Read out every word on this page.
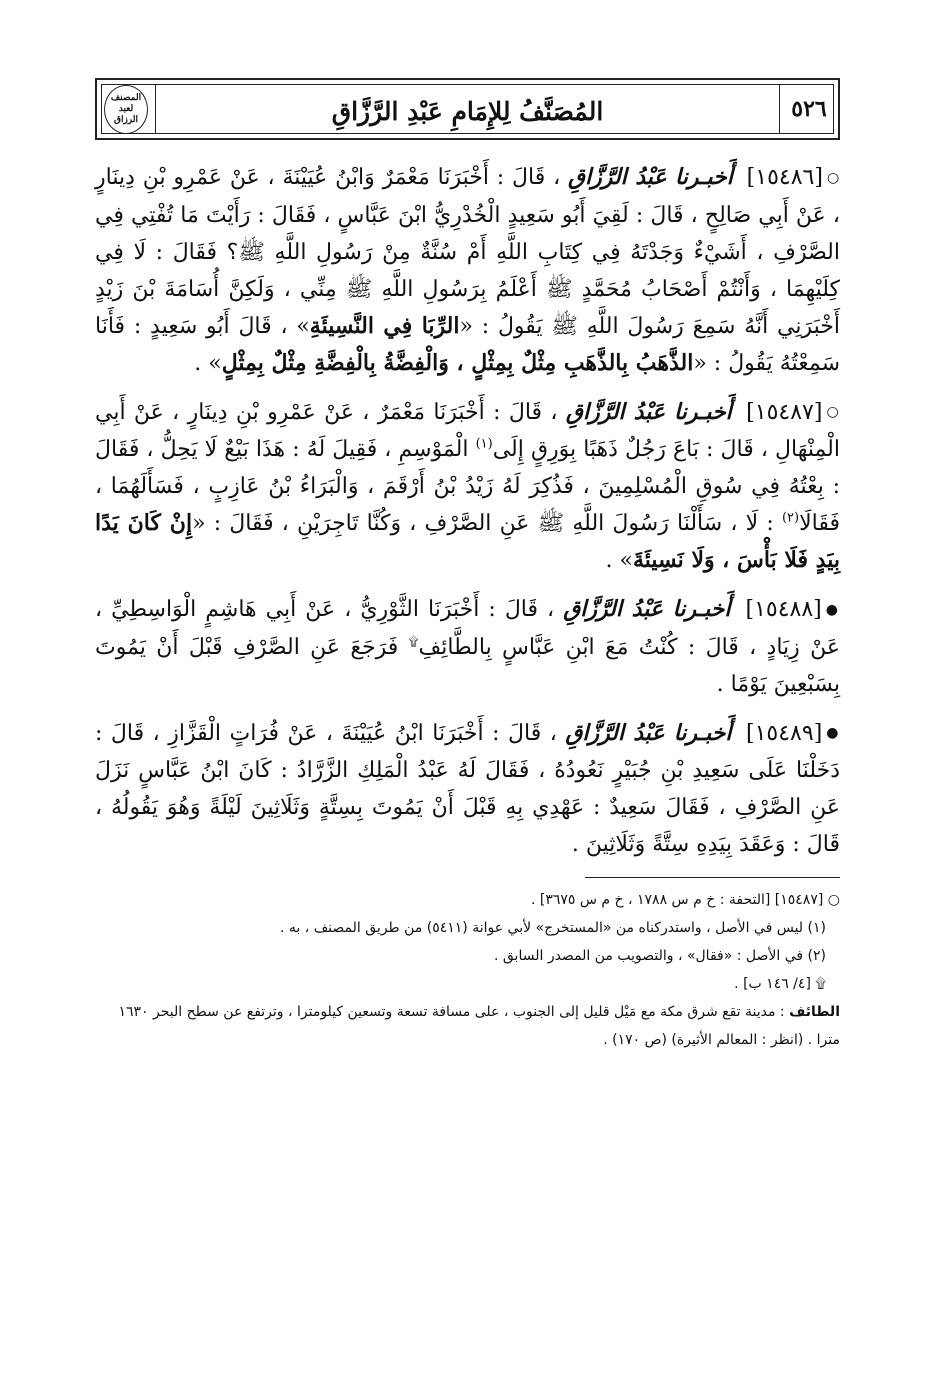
٥٢٦
المُصَنَّفُ لِلإِمَامِ عَبْدِ الرَّزَّاقِ
المصنف لعبد الرزاق

○[١٥٤٨٦] أَخبـرنا عَبْدُ الرَّزَّاقِ ، قَالَ : أَخْبَرَنَا مَعْمَرٌ وَابْنُ عُيَيْنَةَ ، عَنْ عَمْرِو بْنِ دِينَارٍ ، عَنْ أَبِي صَالِحٍ ، قَالَ : لَقِيَ أَبُو سَعِيدٍ الْخُدْرِيُّ ابْنَ عَبَّاسٍ ، فَقَالَ : رَأَيْتَ مَا تُفْتِي فِي الصَّرْفِ ، أَشَيْءٌ وَجَدْتَهُ فِي كِتَابِ اللَّهِ أَمْ سُنَّةٌ مِنْ رَسُولِ اللَّهِ ﷺ؟ فَقَالَ : لَا فِي كِلَيْهِمَا ، وَأَنْتُمْ أَصْحَابُ مُحَمَّدٍ ﷺ أَعْلَمُ بِرَسُولِ اللَّهِ ﷺ مِنِّي ، وَلَكِنَّ أُسَامَةَ بْنَ زَيْدٍ أَخْبَرَنِي أَنَّهُ سَمِعَ رَسُولَ اللَّهِ ﷺ يَقُولُ : «الرِّبَا فِي النَّسِيئَةِ» ، قَالَ أَبُو سَعِيدٍ : فَأَنَا سَمِعْتُهُ يَقُولُ : «الذَّهَبُ بِالذَّهَبِ مِثْلٌ بِمِثْلٍ ، وَالْفِضَّةُ بِالْفِضَّةِ مِثْلٌ بِمِثْلٍ» .

○[١٥٤٨٧] أَخبـرنا عَبْدُ الرَّزَّاقِ ، قَالَ : أَخْبَرَنَا مَعْمَرٌ ، عَنْ عَمْرِو بْنِ دِينَارٍ ، عَنْ أَبِي الْمِنْهَالِ ، قَالَ : بَاعَ رَجُلٌ ذَهَبًا بِوَرِقٍ إِلَى$^{(١)}$ الْمَوْسِمِ ، فَقِيلَ لَهُ : هَذَا بَيْعٌ لَا يَحِلُّ ، فَقَالَ : بِعْتُهُ فِي سُوقِ الْمُسْلِمِينَ ، فَذُكِرَ لَهُ زَيْدُ بْنُ أَرْقَمَ ، وَالْبَرَاءُ بْنُ عَازِبٍ ، فَسَأَلَهُمَا ، فَقَالَا$^{(٢)}$ : لَا ، سَأَلْنَا رَسُولَ اللَّهِ ﷺ عَنِ الصَّرْفِ ، وَكُنَّا تَاجِرَيْنِ ، فَقَالَ : «إِنْ كَانَ يَدًا بِيَدٍ فَلَا بَأْسَ ، وَلَا نَسِيئَةَ» .

●[١٥٤٨٨] أَخبـرنا عَبْدُ الرَّزَّاقِ ، قَالَ : أَخْبَرَنَا الثَّوْرِيُّ ، عَنْ أَبِي هَاشِمٍ الْوَاسِطِيِّ ، عَنْ زِيَادٍ ، قَالَ : كُنْتُ مَعَ ابْنِ عَبَّاسٍ بِالطَّائِفِ۩ فَرَجَعَ عَنِ الصَّرْفِ قَبْلَ أَنْ يَمُوتَ بِسَبْعِينَ يَوْمًا .

●[١٥٤٨٩] أَخبـرنا عَبْدُ الرَّزَّاقِ ، قَالَ : أَخْبَرَنَا ابْنُ عُيَيْنَةَ ، عَنْ فُرَاتٍ الْقَزَّازِ ، قَالَ : دَخَلْنَا عَلَى سَعِيدِ بْنِ جُبَيْرٍ نَعُودُهُ ، فَقَالَ لَهُ عَبْدُ الْمَلِكِ الزَّرَّادُ : كَانَ ابْنُ عَبَّاسٍ نَزَلَ عَنِ الصَّرْفِ ، فَقَالَ سَعِيدٌ : عَهْدِي بِهِ قَبْلَ أَنْ يَمُوتَ بِسِتَّةٍ وَثَلَاثِينَ لَيْلَةً وَهُوَ يَقُولُهُ ، قَالَ : وَعَقَدَ بِيَدِهِ سِتَّةً وَثَلَاثِينَ .

○ [١٥٤٨٧] [التحفة : خ م س ١٧٨٨ ، خ م س ٣٦٧٥] .

(١) ليس في الأصل ، واستدركناه من «المستخرج» لأبي عوانة (٥٤١١) من طريق المصنف ، به .

(٢) في الأصل : «فقال» ، والتصويب من المصدر السابق .

۩ [٤/ ١٤٦ ب] .

الطائف : مدينة تقع شرق مكة مع مَيْل قليل إلى الجنوب ، على مسافة تسعة وتسعين كيلومترا ، وترتفع عن سطح البحر ١٦٣٠ مترا . (انظر : المعالم الأثيرة) (ص ١٧٠) .
